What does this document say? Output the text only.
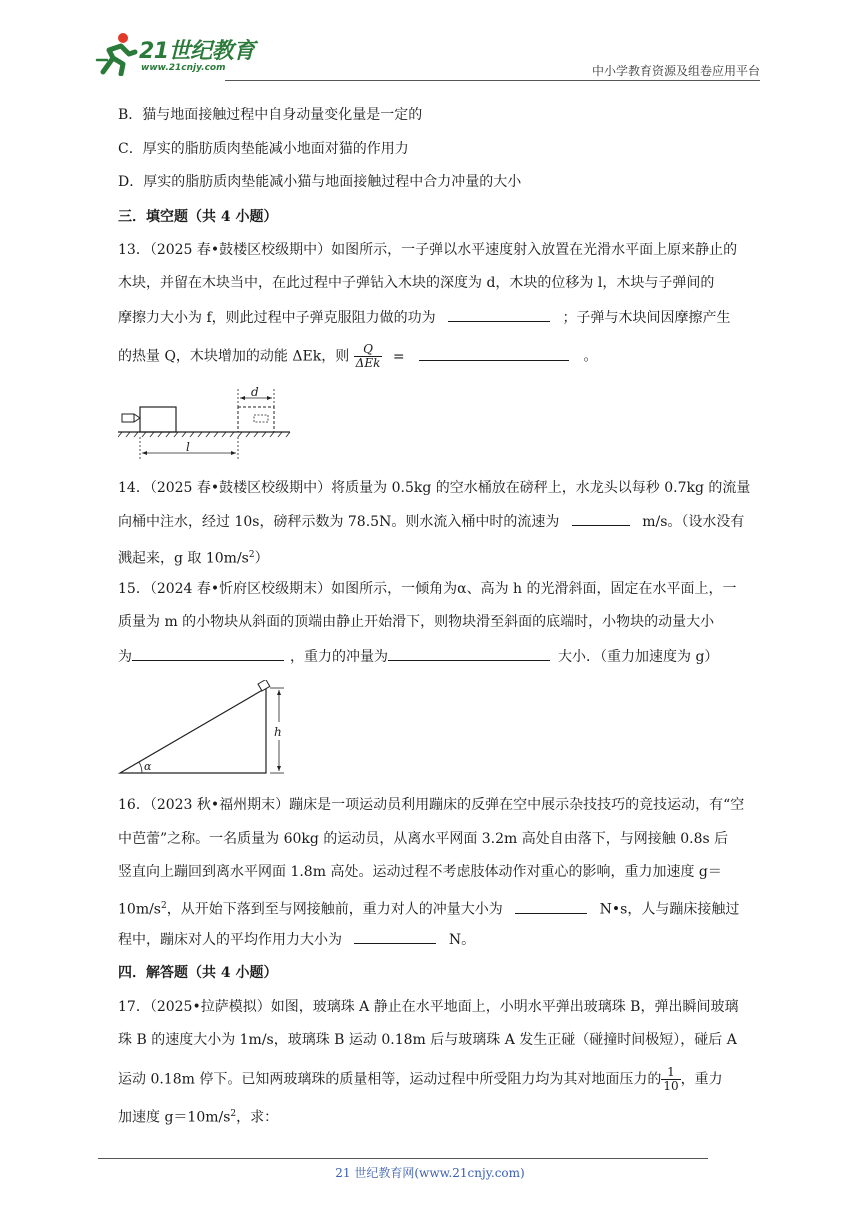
21世纪教育
www.21cnjy.com	中小学教育资源及组卷应用平台
B．猫与地面接触过程中自身动量变化量是一定的
C．厚实的脂肪质肉垫能减小地面对猫的作用力
D．厚实的脂肪质肉垫能减小猫与地面接触过程中合力冲量的大小
三．填空题（共 4 小题）
13．（2025 春•鼓楼区校级期中）如图所示，一子弹以水平速度射入放置在光滑水平面上原来静止的
木块，并留在木块当中，在此过程中子弹钻入木块的深度为 d，木块的位移为 l，木块与子弹间的
摩擦力大小为 f，则此过程中子弹克服阻力做的功为	；子弹与木块间因摩擦产生
的热量 Q，木块增加的动能 ΔEk，则 $\frac{Q}{\text{ΔEk}}$ =	。
d
l
14．（2025 春•鼓楼区校级期中）将质量为 0.5kg 的空水桶放在磅秤上，水龙头以每秒 0.7kg 的流量
向桶中注水，经过 10s，磅秤示数为 78.5N。则水流入桶中时的流速为	m/s。（设水没有
溅起来，g 取 $10m/s^2$）
15．（2024 春•忻府区校级期末）如图所示，一倾角为α、高为 h 的光滑斜面，固定在水平面上，一
质量为 m 的小物块从斜面的顶端由静止开始滑下，则物块滑至斜面的底端时，小物块的动量大小
为	，重力的冲量为	大小．（重力加速度为 g）
h
α
16．（2023 秋•福州期末）蹦床是一项运动员利用蹦床的反弹在空中展示杂技技巧的竞技运动，有“空
中芭蕾”之称。一名质量为 60kg 的运动员，从离水平网面 3.2m 高处自由落下，与网接触 0.8s 后
竖直向上蹦回到离水平网面 1.8m 高处。运动过程不考虑肢体动作对重心的影响，重力加速度 g＝
$10m/s^2$，从开始下落到至与网接触前，重力对人的冲量大小为	N•s，人与蹦床接触过
程中，蹦床对人的平均作用力大小为	N。
四．解答题（共 4 小题）
17．（2025•拉萨模拟）如图，玻璃珠 A 静止在水平地面上，小明水平弹出玻璃珠 B，弹出瞬间玻璃
珠 B 的速度大小为 1m/s，玻璃珠 B 运动 0.18m 后与玻璃珠 A 发生正碰（碰撞时间极短），碰后 A
运动 0.18m 停下。已知两玻璃珠的质量相等，运动过程中所受阻力均为其对地面压力的 $\frac{1}{10}$ ，重力
加速度 $g=10m/s^2$，求：
21 世纪教育网(www.21cnjy.com)
